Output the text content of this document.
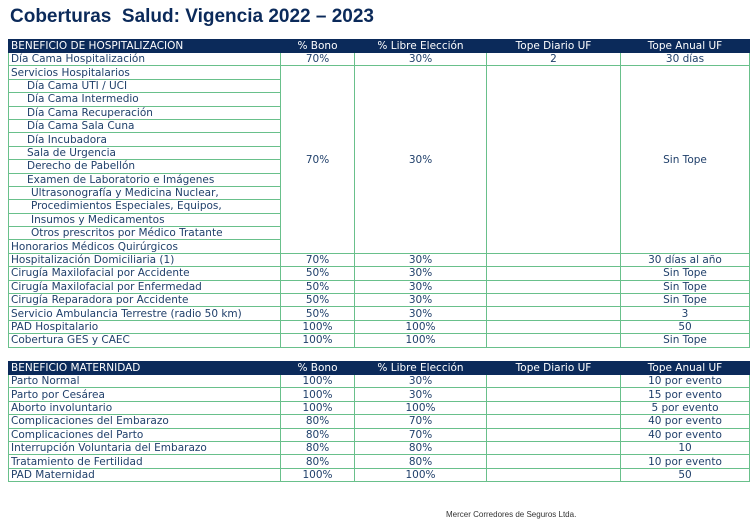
Coberturas  Salud: Vigencia 2022 – 2023
BENEFICIO DE HOSPITALIZACIÓN	% Bono	% Libre Elección	Tope Diario UF	Tope Anual UF
Día Cama Hospitalización	70%	30%	2	30 días
Servicios Hospitalarios	70%	30%		Sin Tope
Día Cama UTI / UCI				
Día Cama Intermedio				
Día Cama Recuperación				
Día Cama Sala Cuna				
Día Incubadora				
Sala de Urgencia				
Derecho de Pabellón				
Examen de Laboratorio e Imágenes				
Ultrasonografía y Medicina Nuclear,				
Procedimientos Especiales, Equipos,				
Insumos y Medicamentos				
Otros prescritos por Médico Tratante				
Honorarios Médicos Quirúrgicos				
Hospitalización Domiciliaria (1)	70%	30%		30 días al año
Cirugía Maxilofacial por Accidente	50%	30%		Sin Tope
Cirugía Maxilofacial por Enfermedad	50%	30%		Sin Tope
Cirugía Reparadora por Accidente	50%	30%		Sin Tope
Servicio Ambulancia Terrestre (radio 50 km)	50%	30%		3
PAD Hospitalario	100%	100%		50
Cobertura GES y CAEC	100%	100%		Sin Tope
BENEFICIO MATERNIDAD	% Bono	% Libre Elección	Tope Diario UF	Tope Anual UF
Parto Normal	100%	30%		10 por evento
Parto por Cesárea	100%	30%		15 por evento
Aborto involuntario	100%	100%		5 por evento
Complicaciones del Embarazo	80%	70%		40 por evento
Complicaciones del Parto	80%	70%		40 por evento
Interrupción Voluntaria del Embarazo	80%	80%		10
Tratamiento de Fertilidad	80%	80%		10 por evento
PAD Maternidad	100%	100%		50
Mercer Corredores de Seguros Ltda.
